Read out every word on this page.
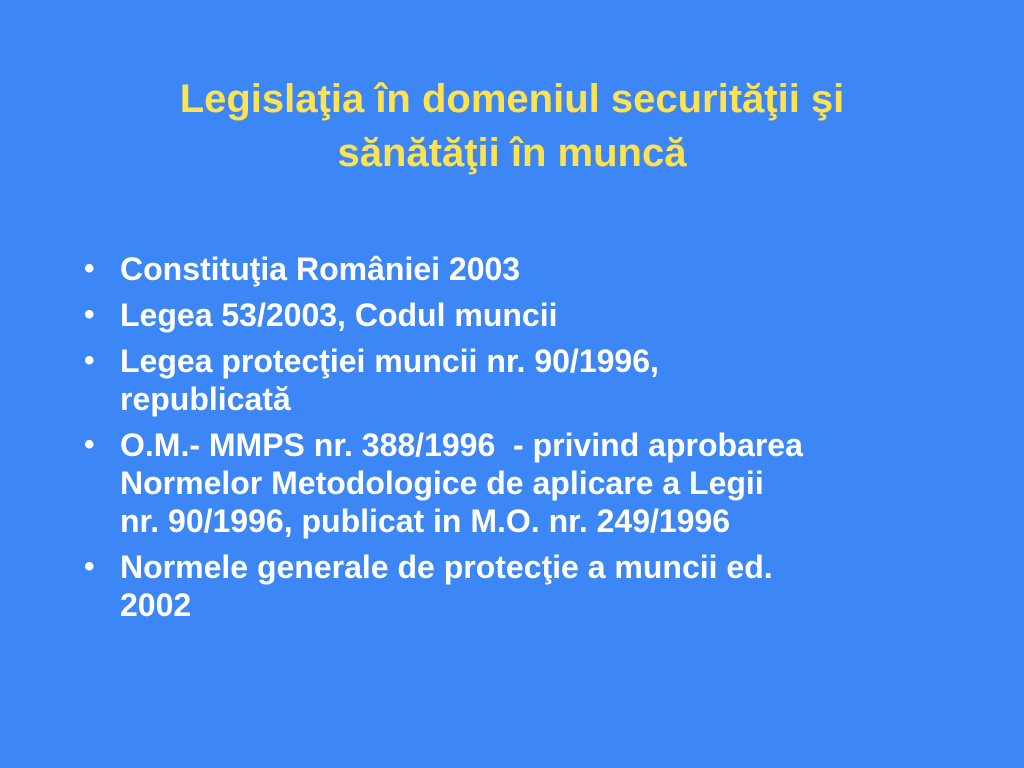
Legislaţia în domeniul securităţii şi
sănătăţii în muncă
• Constituţia României 2003
• Legea 53/2003, Codul muncii
• Legea protecţiei muncii nr. 90/1996,
republicată
• O.M.- MMPS nr. 388/1996  - privind aprobarea
Normelor Metodologice de aplicare a Legii
nr. 90/1996, publicat in M.O. nr. 249/1996
• Normele generale de protecţie a muncii ed.
2002
